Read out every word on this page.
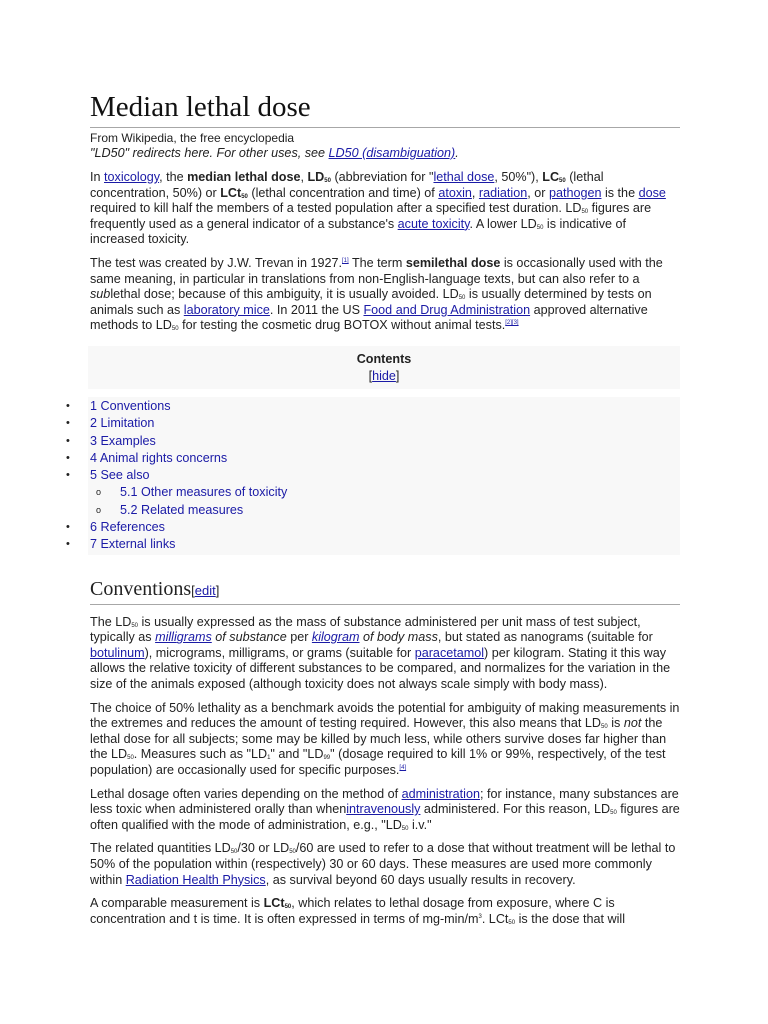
Median lethal dose
From Wikipedia, the free encyclopedia
"LD50" redirects here. For other uses, see LD50 (disambiguation).

In toxicology, the median lethal dose, $LD_{50}$ (abbreviation for "lethal dose, 50%"), $LC_{50}$ (lethal concentration, 50%) or LCt$_{50}$ (lethal concentration and time) of atoxin, radiation, or pathogen is the dose required to kill half the members of a tested population after a specified test duration. $LD_{50}$ figures are frequently used as a general indicator of a substance's acute toxicity. A lower $LD_{50}$ is indicative of increased toxicity.

The test was created by J.W. Trevan in 1927.[1] The term semilethal dose is occasionally used with the same meaning, in particular in translations from non-English-language texts, but can also refer to a sublethal dose; because of this ambiguity, it is usually avoided. $LD_{50}$ is usually determined by tests on animals such as laboratory mice. In 2011 the US Food and Drug Administration approved alternative methods to $LD_{50}$ for testing the cosmetic drug BOTOX without animal tests.[2][3]

Contents
[hide]
• 1 Conventions
• 2 Limitation
• 3 Examples
• 4 Animal rights concerns
• 5 See also
o 5.1 Other measures of toxicity
o 5.2 Related measures
• 6 References
• 7 External links
Conventions[edit]

The $LD_{50}$ is usually expressed as the mass of substance administered per unit mass of test subject, typically as milligrams of substance per kilogram of body mass, but stated as nanograms (suitable for botulinum), micrograms, milligrams, or grams (suitable for paracetamol) per kilogram. Stating it this way allows the relative toxicity of different substances to be compared, and normalizes for the variation in the size of the animals exposed (although toxicity does not always scale simply with body mass).

The choice of 50% lethality as a benchmark avoids the potential for ambiguity of making measurements in the extremes and reduces the amount of testing required. However, this also means that $LD_{50}$ is not the lethal dose for all subjects; some may be killed by much less, while others survive doses far higher than the $LD_{50}$. Measures such as "$LD_1$" and "$LD_{99}$" (dosage required to kill 1% or 99%, respectively, of the test population) are occasionally used for specific purposes.[4]

Lethal dosage often varies depending on the method of administration; for instance, many substances are less toxic when administered orally than whenintravenously administered. For this reason, $LD_{50}$ figures are often qualified with the mode of administration, e.g., "$LD_{50}$ i.v."

The related quantities $LD_{50}/30$ or $LD_{50}/60$ are used to refer to a dose that without treatment will be lethal to 50% of the population within (respectively) 30 or 60 days. These measures are used more commonly within Radiation Health Physics, as survival beyond 60 days usually results in recovery.

A comparable measurement is LCt$_{50}$, which relates to lethal dosage from exposure, where C is concentration and t is time. It is often expressed in terms of $mg-\min/m^3$. LCt$_{50}$ is the dose that will
